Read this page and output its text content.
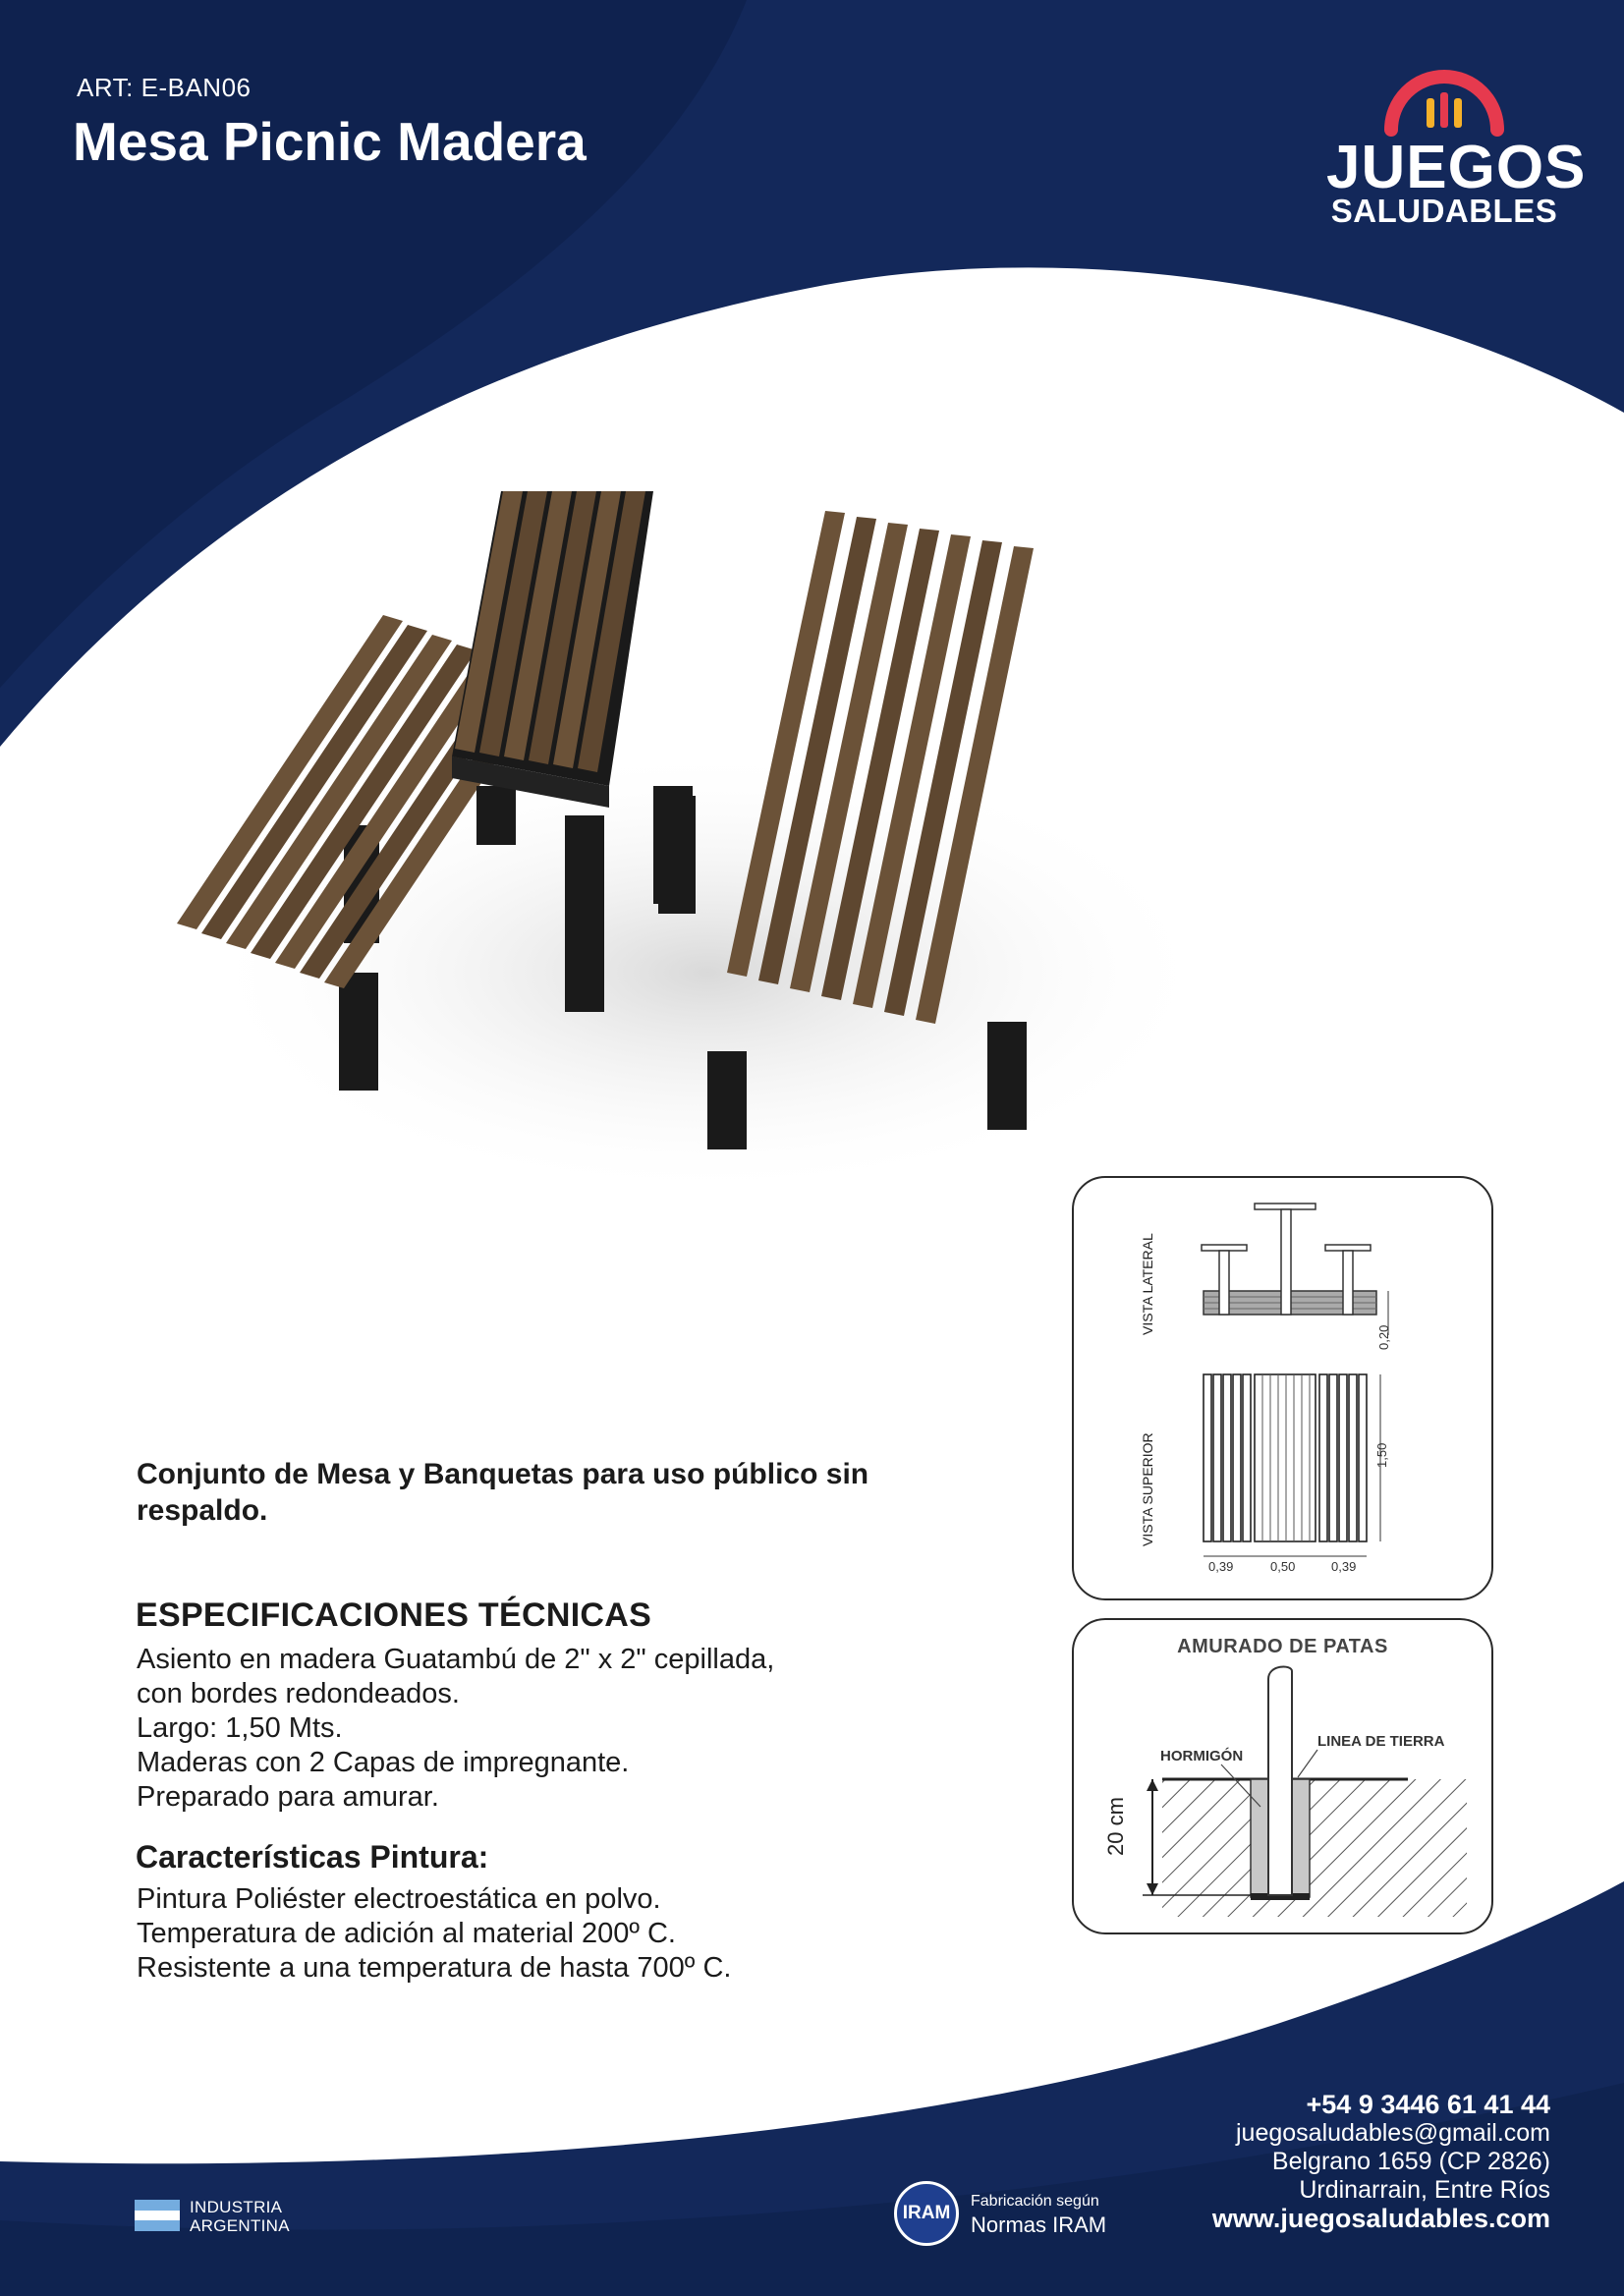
ART: E-BAN06
Mesa Picnic Madera	JUEGOS
SALUDABLES
Conjunto de Mesa y Banquetas para uso público sin respaldo.
ESPECIFICACIONES TÉCNICAS
Asiento en madera Guatambú de 2" x 2" cepillada,
con bordes redondeados.
Largo: 1,50 Mts.
Maderas con 2 Capas de impregnante.
Preparado para amurar.
Características Pintura:
Pintura Poliéster electroestática en polvo.
Temperatura de adición al material 200º C.
Resistente a una temperatura de hasta 700º C.
VISTA LATERAL
0,20
VISTA SUPERIOR	1,50
0,39	0,50	0,39
AMURADO DE PATAS
20 cm
HORMIGÓN
LINEA DE TIERRA
+54 9 3446 61 41 44
juegosaludables@gmail.com
Belgrano 1659 (CP 2826)
Urdinarrain, Entre Ríos
www.juegosaludables.com
INDUSTRIA
ARGENTINA
IRAM
Fabricación según
Normas IRAM
